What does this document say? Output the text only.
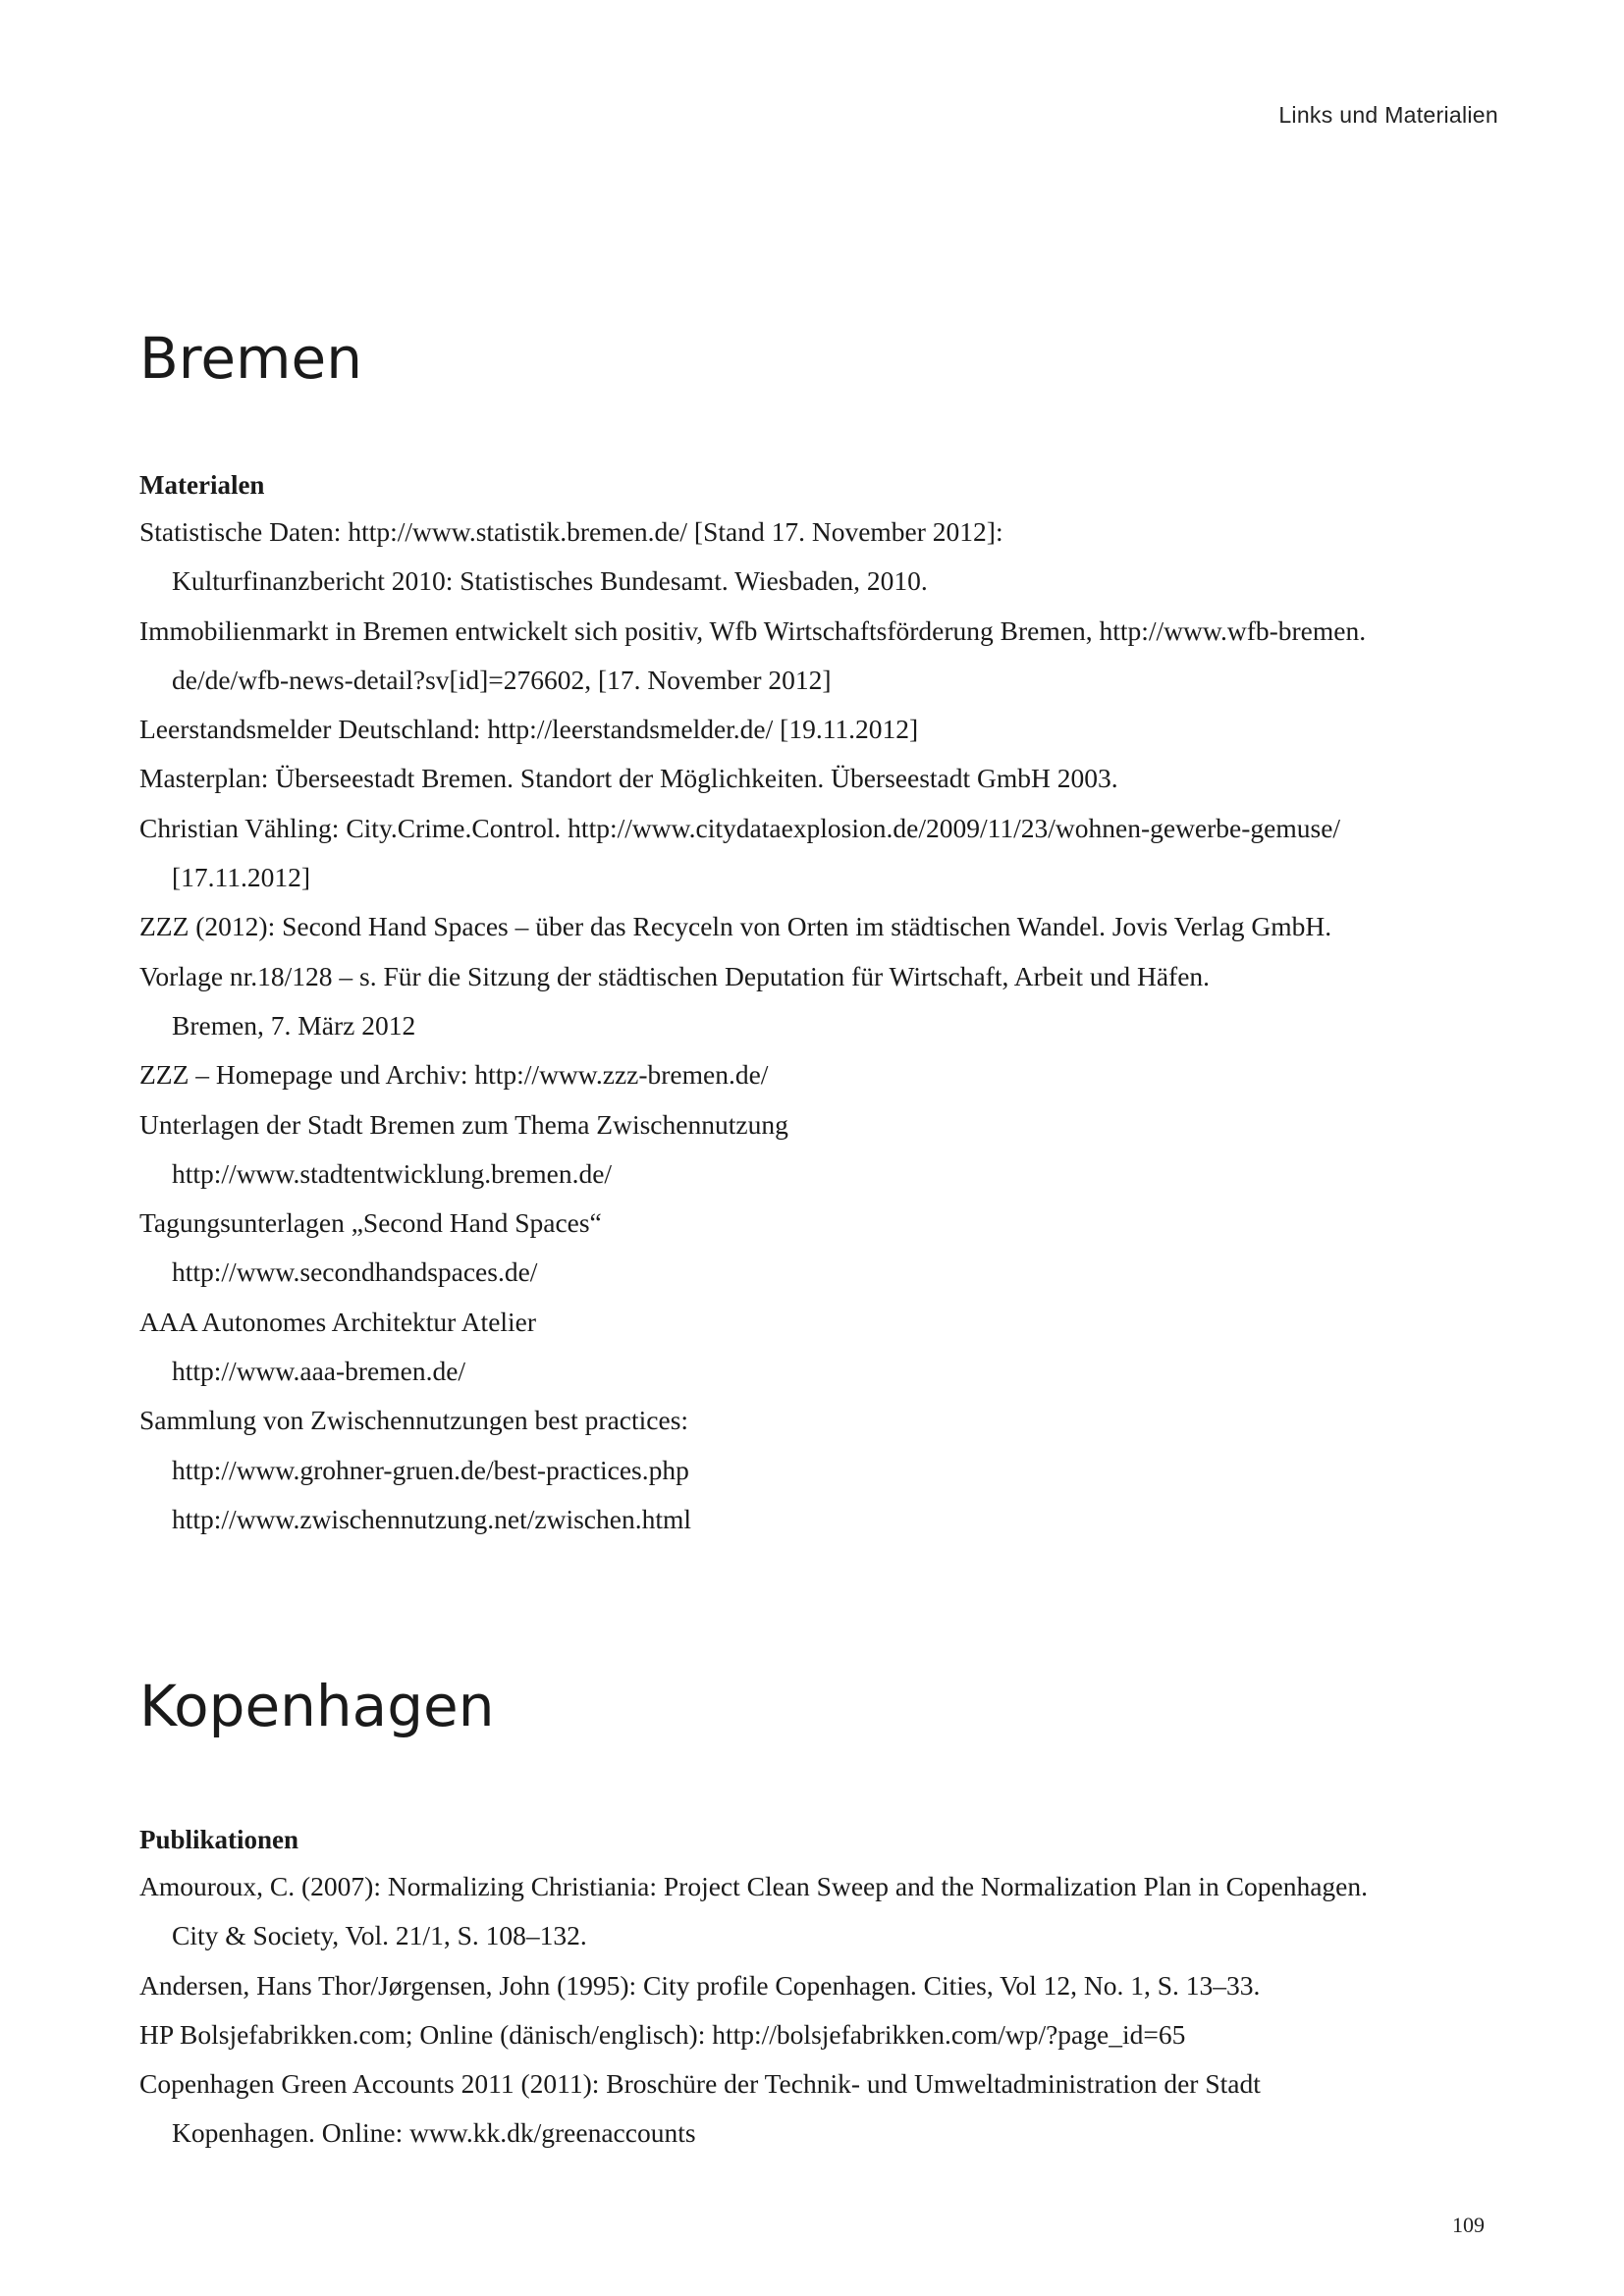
Links und Materialien
Bremen
Materialen
Statistische Daten: http://www.statistik.bremen.de/ [Stand 17. November 2012]:
Kulturfinanzbericht 2010: Statistisches Bundesamt. Wiesbaden, 2010.
Immobilienmarkt in Bremen entwickelt sich positiv, Wfb Wirtschaftsförderung Bremen, http://www.wfb-bremen.
de/de/wfb-news-detail?sv[id]=276602, [17. November 2012]
Leerstandsmelder Deutschland: http://leerstandsmelder.de/ [19.11.2012]
Masterplan: Überseestadt Bremen. Standort der Möglichkeiten. Überseestadt GmbH 2003.
Christian Vähling: City.Crime.Control. http://www.citydataexplosion.de/2009/11/23/wohnen-gewerbe-gemuse/
[17.11.2012]
ZZZ (2012): Second Hand Spaces – über das Recyceln von Orten im städtischen Wandel. Jovis Verlag GmbH.
Vorlage nr.18/128 – s. Für die Sitzung der städtischen Deputation für Wirtschaft, Arbeit und Häfen.
Bremen, 7. März 2012
ZZZ – Homepage und Archiv: http://www.zzz-bremen.de/
Unterlagen der Stadt Bremen zum Thema Zwischennutzung
http://www.stadtentwicklung.bremen.de/
Tagungsunterlagen „Second Hand Spaces“
http://www.secondhandspaces.de/
AAA Autonomes Architektur Atelier
http://www.aaa-bremen.de/
Sammlung von Zwischennutzungen best practices:
http://www.grohner-gruen.de/best-practices.php
http://www.zwischennutzung.net/zwischen.html
Kopenhagen
Publikationen
Amouroux, C. (2007): Normalizing Christiania: Project Clean Sweep and the Normalization Plan in Copenhagen.
City & Society, Vol. 21/1, S. 108–132.
Andersen, Hans Thor/Jørgensen, John (1995): City profile Copenhagen. Cities, Vol 12, No. 1, S. 13–33.
HP Bolsjefabrikken.com; Online (dänisch/englisch): http://bolsjefabrikken.com/wp/?page_id=65
Copenhagen Green Accounts 2011 (2011): Broschüre der Technik- und Umweltadministration der Stadt
Kopenhagen. Online: www.kk.dk/greenaccounts
109
